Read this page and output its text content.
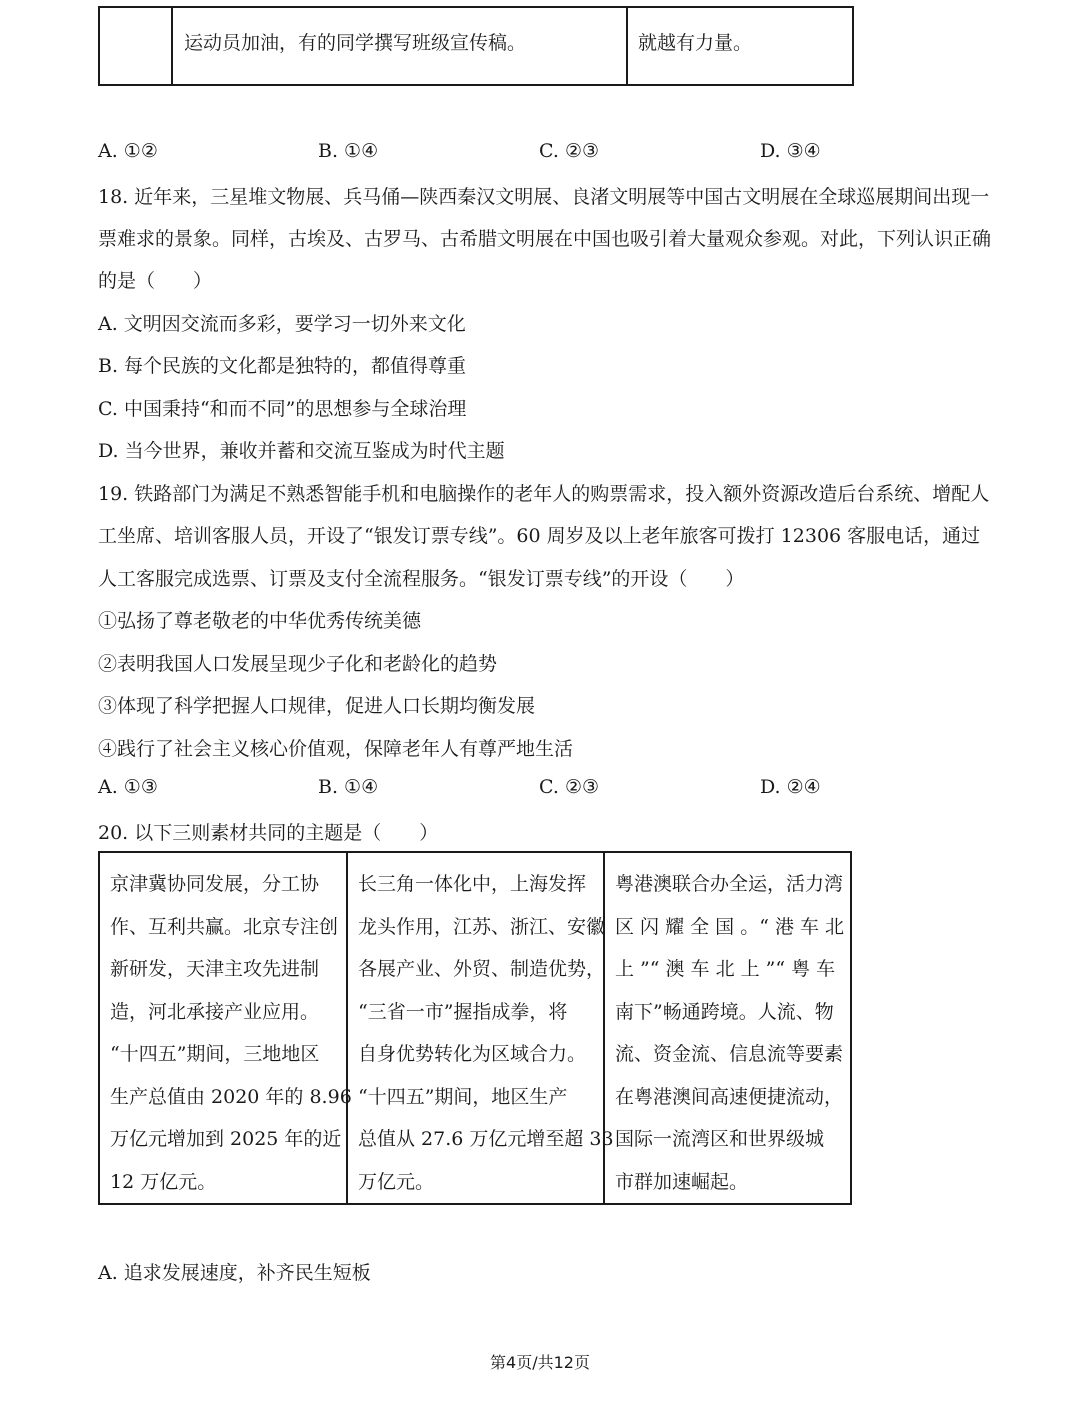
运动员加油，有的同学撰写班级宣传稿。	就越有力量。
A. ①②	B. ①④	C. ②③	D. ③④
18. 近年来，三星堆文物展、兵马俑—陕西秦汉文明展、良渚文明展等中国古文明展在全球巡展期间出现一
票难求的景象。同样，古埃及、古罗马、古希腊文明展在中国也吸引着大量观众参观。对此，下列认识正确
的是（　　）
A. 文明因交流而多彩，要学习一切外来文化
B. 每个民族的文化都是独特的，都值得尊重
C. 中国秉持“和而不同”的思想参与全球治理
D. 当今世界，兼收并蓄和交流互鉴成为时代主题
19. 铁路部门为满足不熟悉智能手机和电脑操作的老年人的购票需求，投入额外资源改造后台系统、增配人
工坐席、培训客服人员，开设了“银发订票专线”。60 周岁及以上老年旅客可拨打 12306 客服电话，通过
人工客服完成选票、订票及支付全流程服务。“银发订票专线”的开设（　　）
①弘扬了尊老敬老的中华优秀传统美德
②表明我国人口发展呈现少子化和老龄化的趋势
③体现了科学把握人口规律，促进人口长期均衡发展
④践行了社会主义核心价值观，保障老年人有尊严地生活
A. ①③	B. ①④	C. ②③	D. ②④
20. 以下三则素材共同的主题是（　　）
京津冀协同发展，分工协
作、互利共赢。北京专注创
新研发，天津主攻先进制
造，河北承接产业应用。
“十四五”期间，三地地区
生产总值由 2020 年的 8.96
万亿元增加到 2025 年的近
12 万亿元。
长三角一体化中，上海发挥
龙头作用，江苏、浙江、安徽
各展产业、外贸、制造优势，
“三省一市”握指成拳，将
自身优势转化为区域合力。
“十四五”期间，地区生产
总值从 27.6 万亿元增至超 33
万亿元。
粤港澳联合办全运，活力湾
区 闪 耀 全 国 。“ 港 车 北
上 ”“ 澳 车 北 上 ”“ 粤 车
南下”畅通跨境。人流、物
流、资金流、信息流等要素
在粤港澳间高速便捷流动，
国际一流湾区和世界级城
市群加速崛起。
A. 追求发展速度，补齐民生短板
第4页/共12页
